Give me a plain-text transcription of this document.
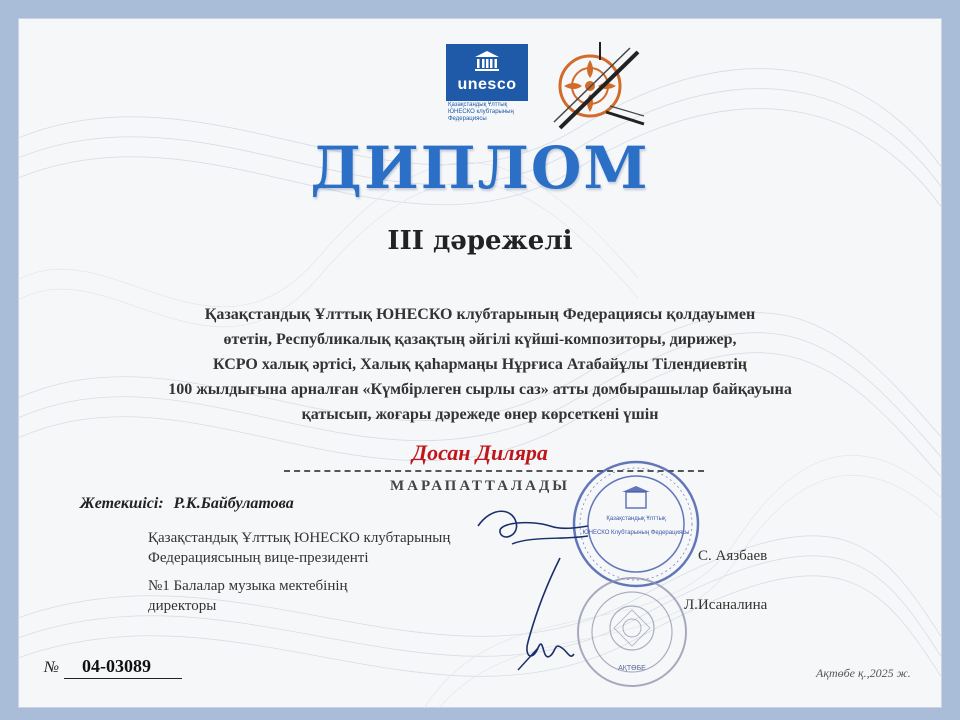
unesco
Қазақстандық Ұлттық
ЮНЕСКО клубтарының
Федерациясы
ДИПЛОМ
III дәрежелі
Қазақстандық Ұлттық ЮНЕСКО клубтарының Федерациясы қолдауымен
өтетін, Республикалық қазақтың әйгілі күйші-композиторы, дирижер,
КСРО халық әртісі, Халық қаһармаңы Нұрғиса Атабайұлы Тілендиевтің
100 жылдығына арналған «Күмбірлеген сырлы саз» атты домбырашылар байқауына
қатысып, жоғары дәрежеде өнер көрсеткені үшін
Досан Диляра
МАРАПАТТАЛАДЫ
Жетекшісі: Р.К.Байбулатова
Қазақстандық Ұлттық ЮНЕСКО клубтарының
Федерациясының вице-президенті
№1 Балалар музыка мектебінің
директоры
Қазақстандық Ұлттық
ЮНЕСКО Клубтарының Федерациясы
АҚТӨБЕ
С. Аязбаев
Л.Исаналина
№	04-03089	Ақтөбе қ.,2025 ж.
